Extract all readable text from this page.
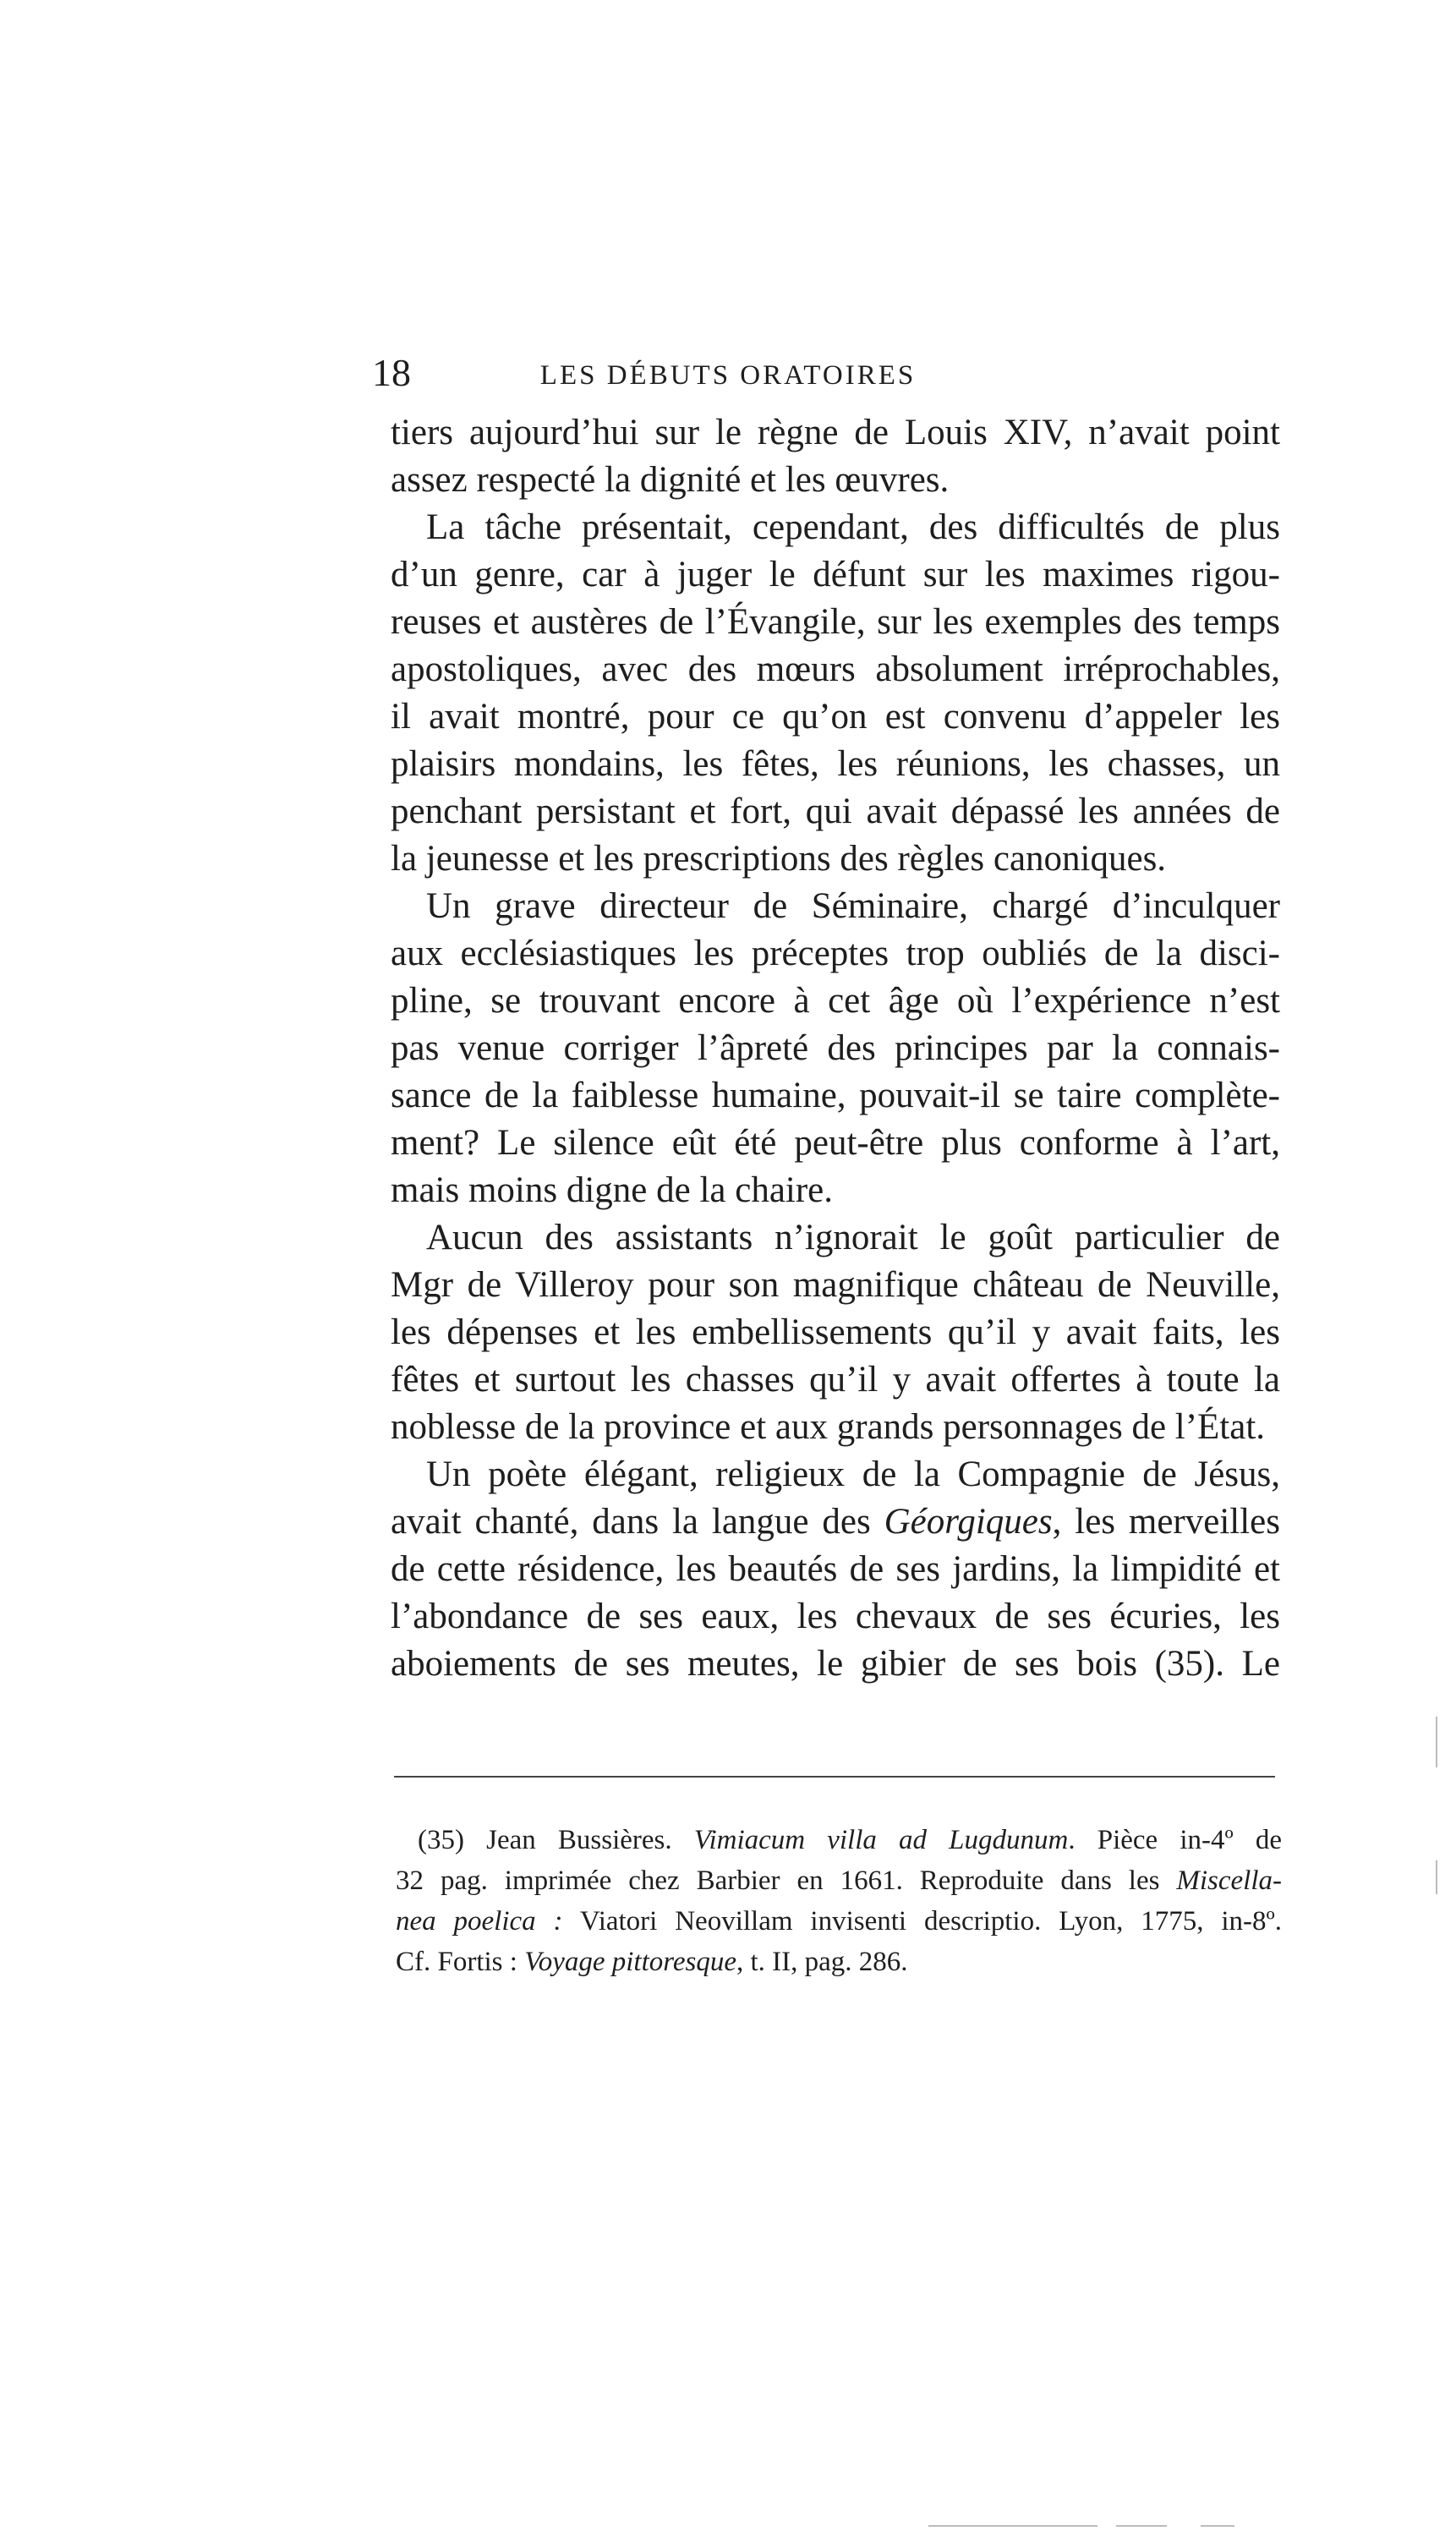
18	LES DÉBUTS ORATOIRES
tiers aujourd’hui sur le règne de Louis XIV, n’avait point
assez respecté la dignité et les œuvres.
La tâche présentait, cependant, des difficultés de plus
d’un genre, car à juger le défunt sur les maximes rigou-
reuses et austères de l’Évangile, sur les exemples des temps
apostoliques, avec des mœurs absolument irréprochables,
il avait montré, pour ce qu’on est convenu d’appeler les
plaisirs mondains, les fêtes, les réunions, les chasses, un
penchant persistant et fort, qui avait dépassé les années de
la jeunesse et les prescriptions des règles canoniques.
Un grave directeur de Séminaire, chargé d’inculquer
aux ecclésiastiques les préceptes trop oubliés de la disci-
pline, se trouvant encore à cet âge où l’expérience n’est
pas venue corriger l’âpreté des principes par la connais-
sance de la faiblesse humaine, pouvait-il se taire complète-
ment? Le silence eût été peut-être plus conforme à l’art,
mais moins digne de la chaire.
Aucun des assistants n’ignorait le goût particulier de
Mgr de Villeroy pour son magnifique château de Neuville,
les dépenses et les embellissements qu’il y avait faits, les
fêtes et surtout les chasses qu’il y avait offertes à toute la
noblesse de la province et aux grands personnages de l’État.
Un poète élégant, religieux de la Compagnie de Jésus,
avait chanté, dans la langue des Géorgiques, les merveilles
de cette résidence, les beautés de ses jardins, la limpidité et
l’abondance de ses eaux, les chevaux de ses écuries, les
aboiements de ses meutes, le gibier de ses bois (35). Le
(35) Jean Bussières. Vimiacum villa ad Lugdunum. Pièce in-4º de
32 pag. imprimée chez Barbier en 1661. Reproduite dans les Miscella-
nea poelica : Viatori Neovillam invisenti descriptio. Lyon, 1775, in-8º.
Cf. Fortis : Voyage pittoresque, t. II, pag. 286.
